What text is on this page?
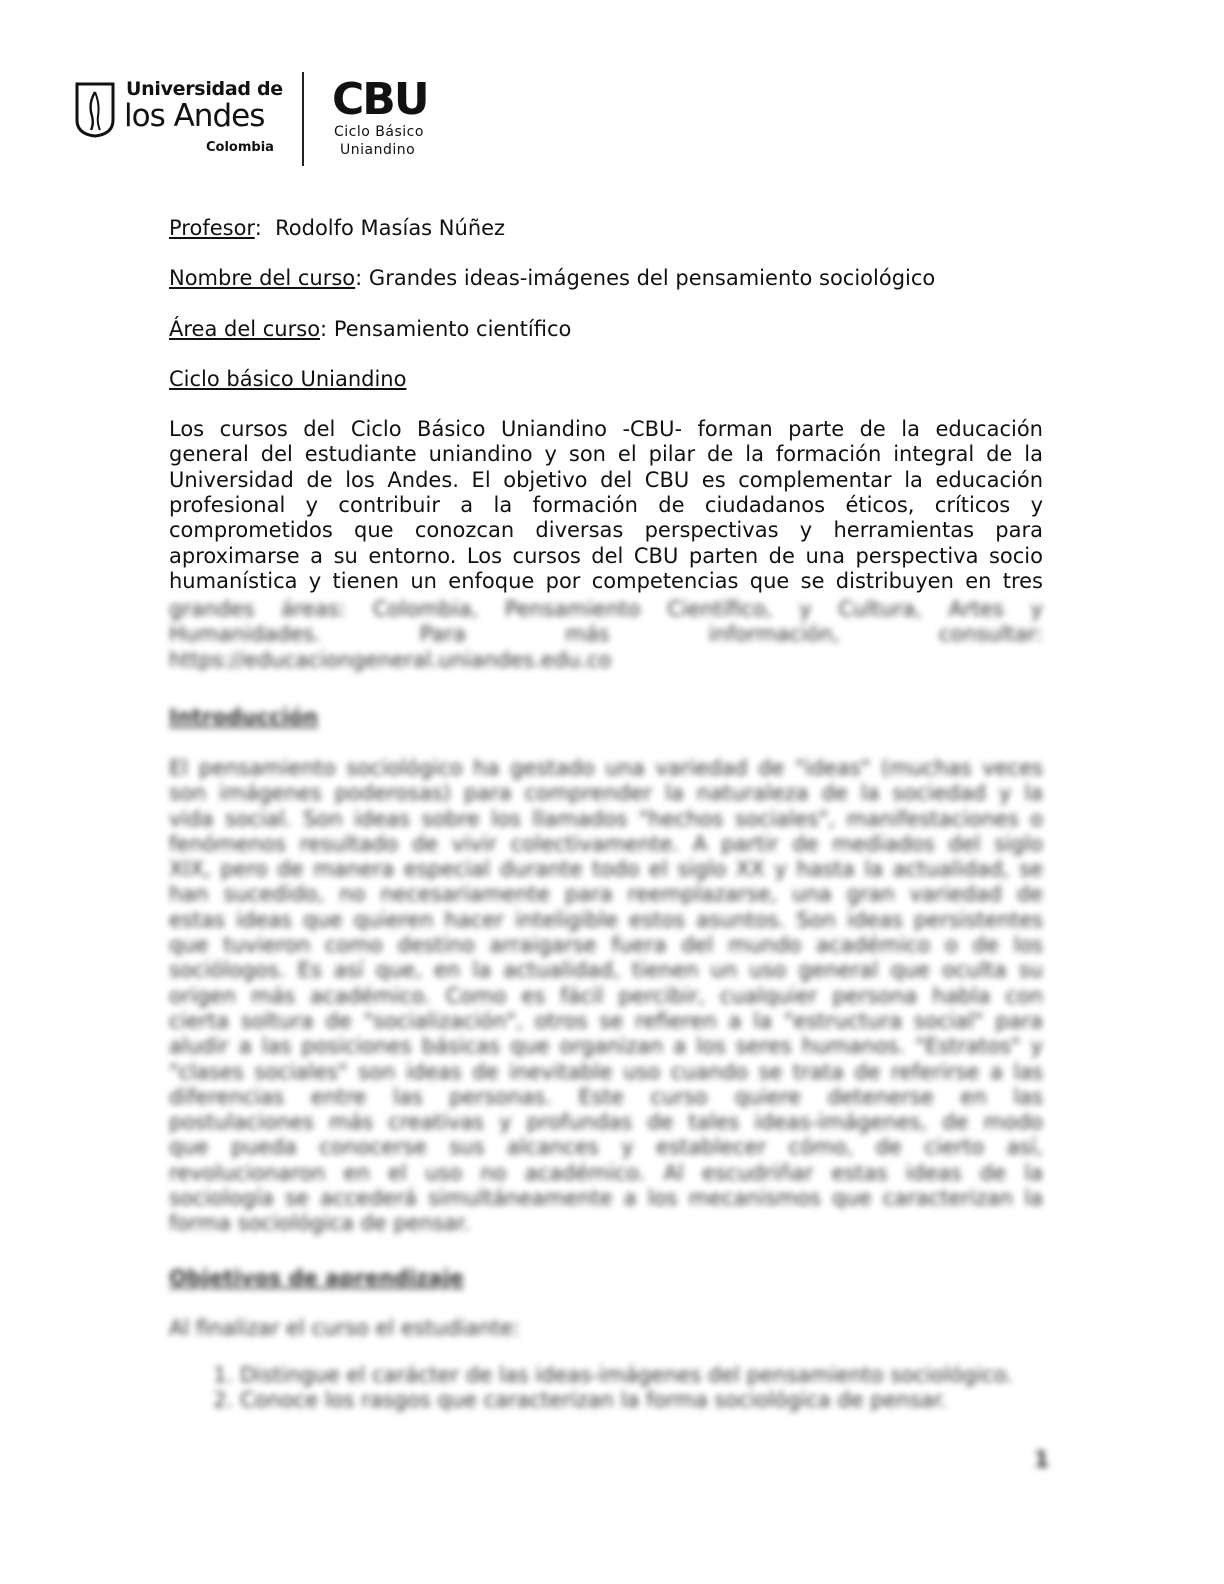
Universidad de
los Andes
Colombia
CBU
Ciclo Básico
Uniandino

Profesor:  Rodolfo Masías Núñez

Nombre del curso: Grandes ideas-imágenes del pensamiento sociológico

Área del curso: Pensamiento científico

Ciclo básico Uniandino

Los cursos del Ciclo Básico Uniandino -CBU- forman parte de la educación
general del estudiante uniandino y son el pilar de la formación integral de la
Universidad de los Andes. El objetivo del CBU es complementar la educación
profesional y contribuir a la formación de ciudadanos éticos, críticos y
comprometidos que conozcan diversas perspectivas y herramientas para
aproximarse a su entorno. Los cursos del CBU parten de una perspectiva socio
humanística y tienen un enfoque por competencias que se distribuyen en tres
grandes áreas: Colombia, Pensamiento Científico, y Cultura, Artes y
Humanidades. Para más información, consultar:
https://educaciongeneral.uniandes.edu.co
Introducción
El pensamiento sociológico ha gestado una variedad de "ideas" (muchas veces
son imágenes poderosas) para comprender la naturaleza de la sociedad y la
vida social. Son ideas sobre los llamados "hechos sociales", manifestaciones o
fenómenos resultado de vivir colectivamente. A partir de mediados del siglo
XIX, pero de manera especial durante todo el siglo XX y hasta la actualidad, se
han sucedido, no necesariamente para reemplazarse, una gran variedad de
estas ideas que quieren hacer inteligible estos asuntos. Son ideas persistentes
que tuvieron como destino arraigarse fuera del mundo académico o de los
sociólogos. Es así que, en la actualidad, tienen un uso general que oculta su
origen más académico. Como es fácil percibir, cualquier persona habla con
cierta soltura de "socialización", otros se refieren a la "estructura social" para
aludir a las posiciones básicas que organizan a los seres humanos. "Estratos" y
"clases sociales" son ideas de inevitable uso cuando se trata de referirse a las
diferencias entre las personas. Este curso quiere detenerse en las
postulaciones más creativas y profundas de tales ideas-imágenes, de modo
que pueda conocerse sus alcances y establecer cómo, de cierto así,
revolucionaron en el uso no académico. Al escudriñar estas ideas de la
sociología se accederá simultáneamente a los mecanismos que caracterizan la
forma sociológica de pensar.
Objetivos de aprendizaje
Al finalizar el curso el estudiante:
1. Distingue el carácter de las ideas-imágenes del pensamiento sociológico.
2. Conoce los rasgos que caracterizan la forma sociológica de pensar.
1
